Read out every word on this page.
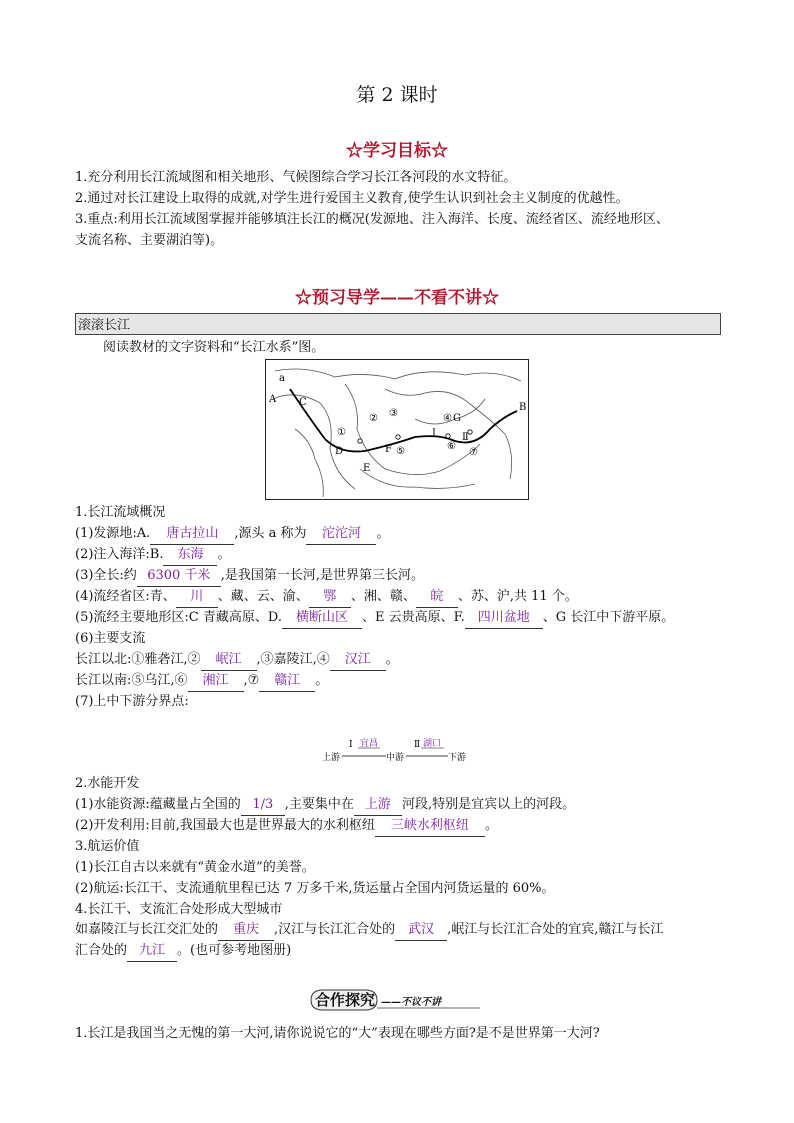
第 2 课时
☆学习目标☆
1.充分利用长江流域图和相关地形、气候图综合学习长江各河段的水文特征。
2.通过对长江建设上取得的成就,对学生进行爱国主义教育,使学生认识到社会主义制度的优越性。
3.重点:利用长江流域图掌握并能够填注长江的概况(发源地、注入海洋、长度、流经省区、流经地形区、
支流名称、主要湖泊等)。
☆预习导学——不看不讲☆
滚滚长江
阅读教材的文字资料和“长江水系”图。
a
A C	B
D
E
F
G
①
② ③	④
⑤	⑥
⑦
Ⅰ	Ⅱ
1.长江流域概况
(1)发源地:A. 唐古拉山 ,源头 a 称为 沱沱河 。
(2)注入海洋:B. 东海 。
(3)全长:约 6300 千米 ,是我国第一长河,是世界第三长河。
(4)流经省区:青、 川 、藏、云、渝、 鄂 、湘、赣、 皖 、苏、沪,共 11 个。
(5)流经主要地形区:C 青藏高原、D. 横断山区 、E 云贵高原、F. 四川盆地 、G 长江中下游平原。
(6)主要支流
长江以北:①雅砻江,② 岷江 ,③嘉陵江,④ 汉江 。
长江以南:⑤乌江,⑥ 湘江 ,⑦ 赣江 。
(7)上中下游分界点:
上游
Ⅰ 宜昌
中游
Ⅱ 湖口
下游
2.水能开发
(1)水能资源:蕴藏量占全国的 1/3 ,主要集中在 上游 河段,特别是宜宾以上的河段。
(2)开发利用:目前,我国最大也是世界最大的水利枢纽 三峡水利枢纽 。
3.航运价值
(1)长江自古以来就有“黄金水道”的美誉。
(2)航运:长江干、支流通航里程已达 7 万多千米,货运量占全国内河货运量的 60%。
4.长江干、支流汇合处形成大型城市
如嘉陵江与长江交汇处的 重庆 ,汉江与长江汇合处的 武汉 ,岷江与长江汇合处的宜宾,赣江与长江
汇合处的 九江 。(也可参考地图册)
合作探究 ——不议不讲
1.长江是我国当之无愧的第一大河,请你说说它的“大”表现在哪些方面?是不是世界第一大河?
